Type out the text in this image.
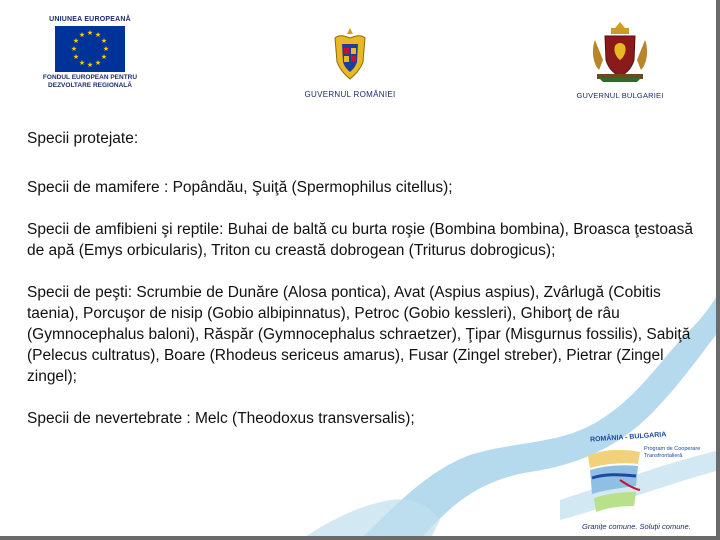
UNIUNEA EUROPEANĂ
★ ★
★
★
★
★
★
★
★
★
★
★
FONDUL EUROPEAN PENTRU DEZVOLTARE REGIONALĂ
GUVERNUL ROMÂNIEI	GUVERNUL BULGARIEI

Specii protejate:

Specii de mamifere : Popândău, Şuiţă (Spermophilus citellus);

Specii de amfibieni şi reptile: Buhai de baltă cu burta roşie (Bombina bombina), Broasca ţestoasă de apă (Emys orbicularis), Triton cu creastă dobrogean (Triturus dobrogicus);

Specii de peşti: Scrumbie de Dunăre (Alosa pontica), Avat (Aspius aspius), Zvârlugă (Cobitis taenia), Porcuşor de nisip (Gobio albipinnatus), Petroc (Gobio kessleri), Ghiborţ de râu (Gymnocephalus baloni), Răspăr (Gymnocephalus schraetzer), Ţipar (Misgurnus fossilis), Sabiţă (Pelecus cultratus), Boare (Rhodeus sericeus amarus), Fusar (Zingel streber), Pietrar (Zingel zingel);

Specii de nevertebrate : Melc (Theodoxus transversalis);

ROMÂNIA - BULGARIA
Program de Cooperare Transfrontalieră
Granițe comune. Soluții comune.
